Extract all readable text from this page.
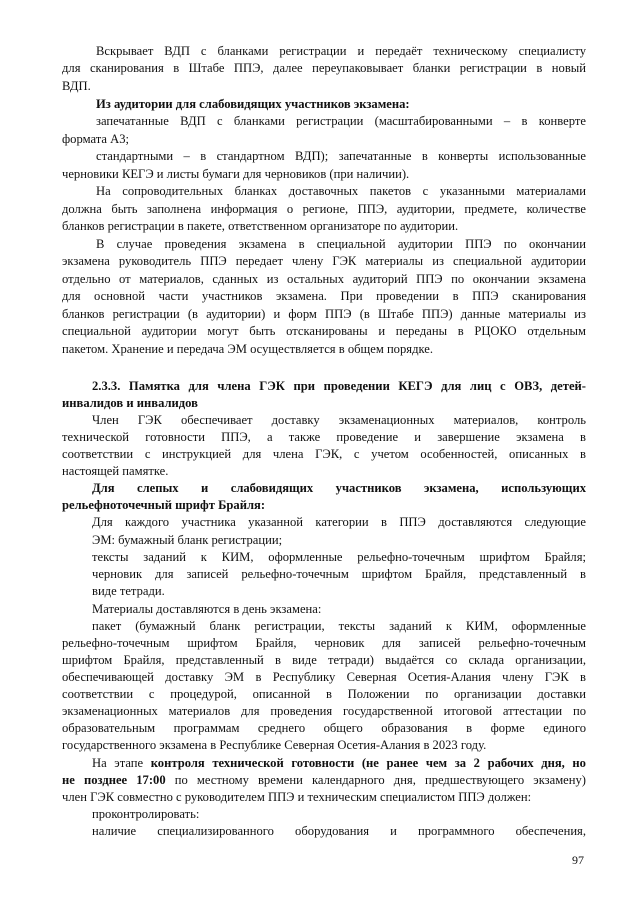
Вскрывает ВДП с бланками регистрации и передаёт техническому специалисту
для сканирования в Штабе ППЭ, далее переупаковывает бланки регистрации в новый
ВДП.
Из аудитории для слабовидящих участников экзамена:
запечатанные ВДП с бланками регистрации (масштабированными – в конверте
формата А3;
стандартными – в стандартном ВДП); запечатанные в конверты использованные
черновики КЕГЭ и листы бумаги для черновиков (при наличии).
На сопроводительных бланках доставочных пакетов с указанными материалами
должна быть заполнена информация о регионе, ППЭ, аудитории, предмете, количестве
бланков регистрации в пакете, ответственном организаторе по аудитории.
В случае проведения экзамена в специальной аудитории ППЭ по окончании
экзамена руководитель ППЭ передает члену ГЭК материалы из специальной аудитории
отдельно от материалов, сданных из остальных аудиторий ППЭ по окончании экзамена
для основной части участников экзамена. При проведении в ППЭ сканирования
бланков регистрации (в аудитории) и форм ППЭ (в Штабе ППЭ) данные материалы из
специальной аудитории могут быть отсканированы и переданы в РЦОКО отдельным
пакетом. Хранение и передача ЭМ осуществляется в общем порядке.
2.3.3. Памятка для члена ГЭК при проведении КЕГЭ для лиц с ОВЗ, детей-
инвалидов и инвалидов
Член ГЭК обеспечивает доставку экзаменационных материалов, контроль
технической готовности ППЭ, а также проведение и завершение экзамена в
соответствии с инструкцией для члена ГЭК, с учетом особенностей, описанных в
настоящей памятке.
Для слепых и слабовидящих участников экзамена, использующих
рельефноточечный шрифт Брайля:
Для каждого участника указанной категории в ППЭ доставляются следующие
ЭМ: бумажный бланк регистрации;
тексты заданий к КИМ, оформленные рельефно-точечным шрифтом Брайля;
черновик для записей рельефно-точечным шрифтом Брайля, представленный в
виде тетради.
Материалы доставляются в день экзамена:
пакет (бумажный бланк регистрации, тексты заданий к КИМ, оформленные
рельефно-точечным шрифтом Брайля, черновик для записей рельефно-точечным
шрифтом Брайля, представленный в виде тетради) выдаётся со склада организации,
обеспечивающей доставку ЭМ в Республику Северная Осетия-Алания члену ГЭК в
соответствии с процедурой, описанной в Положении по организации доставки
экзаменационных материалов для проведения государственной итоговой аттестации по
образовательным программам среднего общего образования в форме единого
государственного экзамена в Республике Северная Осетия-Алания в 2023 году.
На этапе контроля технической готовности (не ранее чем за 2 рабочих дня, но
не позднее 17:00 по местному времени календарного дня, предшествующего экзамену)
член ГЭК совместно с руководителем ППЭ и техническим специалистом ППЭ должен:
проконтролировать:
наличие специализированного оборудования и программного обеспечения,
97
